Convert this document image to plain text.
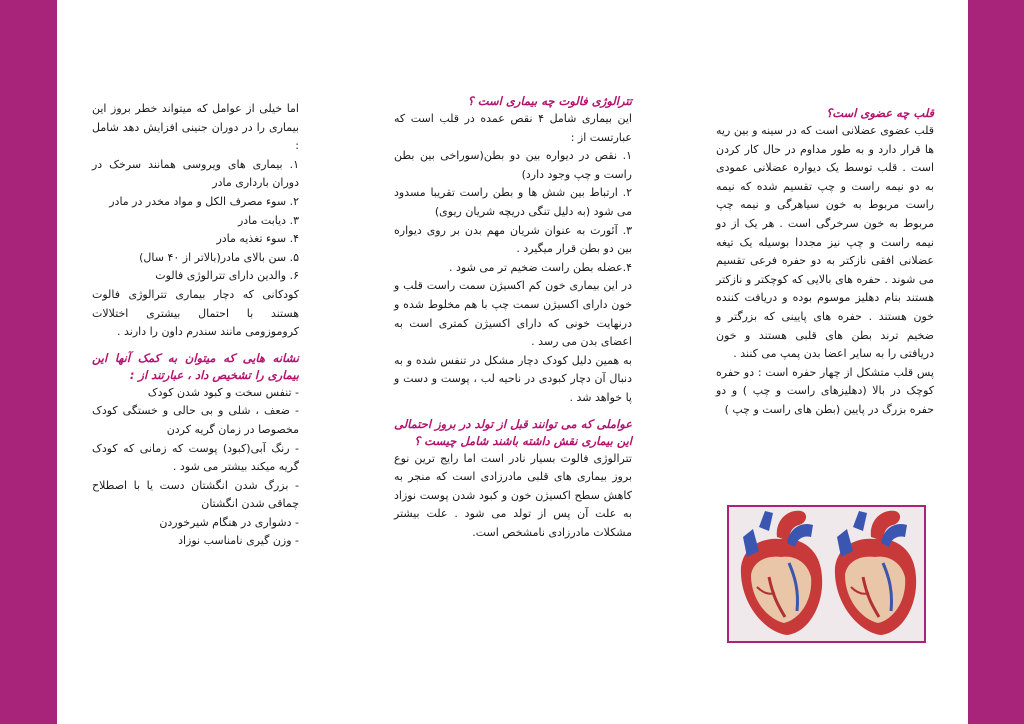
قلب چه عضوی است؟

قلب عضوی عضلانی است که در سینه و بین ریه ها قرار دارد و به طور مداوم در حال کار کردن است . قلب توسط یک دیواره عضلانی عمودی به دو نیمه راست و چپ تقسیم شده که نیمه راست مربوط به خون سیاهرگی و نیمه چپ مربوط به خون سرخرگی است . هر یک از دو نیمه راست و چپ نیز مجددا بوسیله یک تیغه عضلانی افقی نازکتر به دو حفره فرعی تقسیم می شوند . حفره های بالایی که کوچکتر و نازکتر هستند بنام دهلیز موسوم بوده و دریافت کننده خون هستند . حفره های پایینی که بزرگتر و ضخیم ترند بطن های قلبی هستند و خون دریافتی را به سایر اعضا بدن پمپ می کنند .

پس قلب متشکل از چهار حفره است : دو حفره کوچک در بالا (دهلیزهای راست و چپ ) و دو حفره بزرگ در پایین (بطن های راست و چپ )

تترالوژی فالوت چه بیماری است ؟

این بیماری شامل ۴ نقص عمده در قلب است که عبارتست از :

۱. نقص در دیواره بین دو بطن(سوراخی بین بطن راست و چپ وجود دارد)

۲. ارتباط بین شش ها و بطن راست تقریبا مسدود می شود (به دلیل تنگی دریچه شریان ریوی)

۳. آئورت به عنوان شریان مهم بدن بر روی دیواره بین دو بطن قرار میگیرد .

۴.عضله بطن راست ضخیم تر می شود .

در این بیماری خون کم اکسیژن سمت راست قلب و خون دارای اکسیژن سمت چپ با هم مخلوط شده و درنهایت خونی که دارای اکسیژن کمتری است به اعضای بدن می رسد .

به همین دلیل کودک دچار مشکل در تنفس شده و به دنبال آن دچار کبودی در ناحیه لب ، پوست و دست و پا خواهد شد .

عواملی که می توانند قبل از تولد در بروز احتمالی این بیماری نقش داشته باشند شامل چیست ؟

تترالوژی فالوت بسیار نادر است اما رایج ترین نوع بروز بیماری های قلبی مادرزادی است که منجر به کاهش سطح اکسیژن خون و کبود شدن پوست نوزاد به علت آن پس از تولد می شود . علت بیشتر مشکلات مادرزادی نامشخص است.

اما خیلی از عوامل که میتواند خطر بروز این بیماری را در دوران جنینی افزایش دهد شامل :

۱. بیماری های ویروسی همانند سرخک در دوران بارداری مادر

۲. سوء مصرف الکل و مواد مخدر در مادر

۳. دیابت مادر

۴. سوء تغذیه مادر

۵. سن بالای مادر(بالاتر از ۴۰ سال)

۶. والدین دارای تترالوژی فالوت

کودکانی که دچار بیماری تترالوژی فالوت هستند با احتمال بیشتری اختلالات کروموزومی مانند سندرم داون را دارند .

نشانه هایی که میتوان به کمک آنها این بیماری را تشخیص داد ، عبارتند از :

- تنفس سخت و کبود شدن کودک

- ضعف ، شلی و بی حالی و خستگی کودک مخصوصا در زمان گریه کردن

- رنگ آبی(کبود) پوست که زمانی که کودک گریه میکند بیشتر می شود .

- بزرگ شدن انگشتان دست یا با اصطلاح چماقی شدن انگشتان

- دشواری در هنگام شیرخوردن

- وزن گیری نامناسب نوزاد
